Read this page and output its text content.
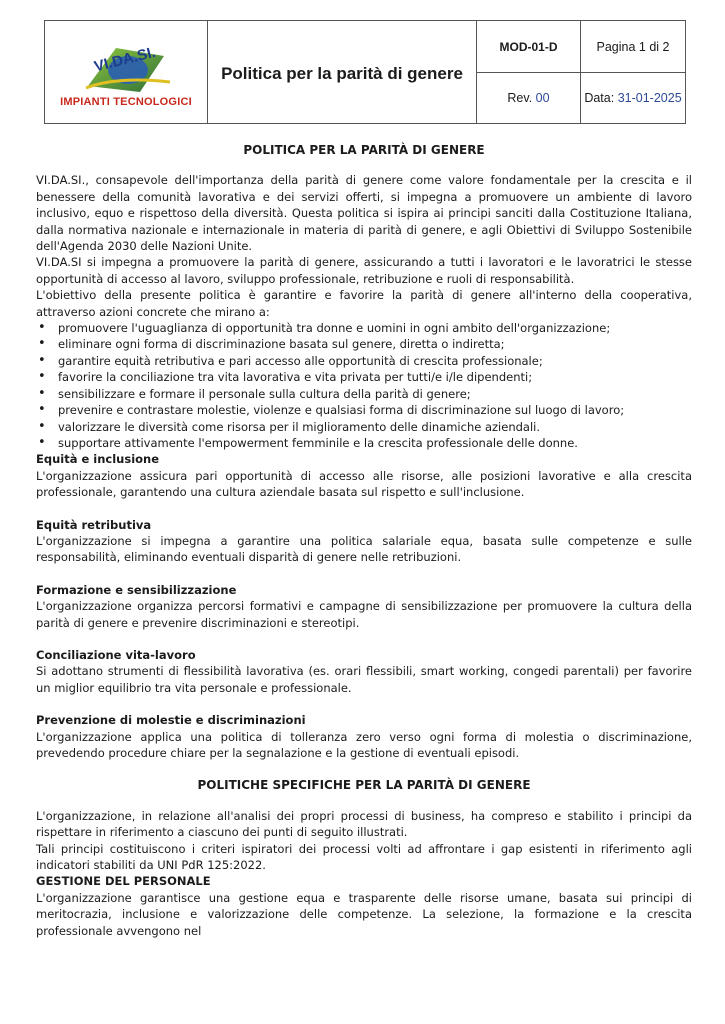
VI.DA.SI.
IMPIANTI TECNOLOGICI
Politica per la parità di genere
MOD-01-D	Pagina 1 di 2
Rev.
00	Data:
31-01-2025
POLITICA PER LA PARITÀ DI GENERE

VI.DA.SI., consapevole dell'importanza della parità di genere come valore fondamentale per la crescita e il benessere della comunità lavorativa e dei servizi offerti, si impegna a promuovere un ambiente di lavoro inclusivo, equo e rispettoso della diversità. Questa politica si ispira ai principi sanciti dalla Costituzione Italiana, dalla normativa nazionale e internazionale in materia di parità di genere, e agli Obiettivi di Sviluppo Sostenibile dell'Agenda 2030 delle Nazioni Unite.

VI.DA.SI si impegna a promuovere la parità di genere, assicurando a tutti i lavoratori e le lavoratrici le stesse opportunità di accesso al lavoro, sviluppo professionale, retribuzione e ruoli di responsabilità.

L'obiettivo della presente politica è garantire e favorire la parità di genere all'interno della cooperativa, attraverso azioni concrete che mirano a:

• promuovere l'uguaglianza di opportunità tra donne e uomini in ogni ambito dell'organizzazione;
• eliminare ogni forma di discriminazione basata sul genere, diretta o indiretta;
• garantire equità retributiva e pari accesso alle opportunità di crescita professionale;
• favorire la conciliazione tra vita lavorativa e vita privata per tutti/e i/le dipendenti;
• sensibilizzare e formare il personale sulla cultura della parità di genere;
• prevenire e contrastare molestie, violenze e qualsiasi forma di discriminazione sul luogo di lavoro;
• valorizzare le diversità come risorsa per il miglioramento delle dinamiche aziendali.
• supportare attivamente l'empowerment femminile e la crescita professionale delle donne.
Equità e inclusione

L'organizzazione assicura pari opportunità di accesso alle risorse, alle posizioni lavorative e alla crescita professionale, garantendo una cultura aziendale basata sul rispetto e sull'inclusione.

Equità retributiva

L'organizzazione si impegna a garantire una politica salariale equa, basata sulle competenze e sulle responsabilità, eliminando eventuali disparità di genere nelle retribuzioni.

Formazione e sensibilizzazione

L'organizzazione organizza percorsi formativi e campagne di sensibilizzazione per promuovere la cultura della parità di genere e prevenire discriminazioni e stereotipi.

Conciliazione vita-lavoro

Si adottano strumenti di flessibilità lavorativa (es. orari flessibili, smart working, congedi parentali) per favorire un miglior equilibrio tra vita personale e professionale.

Prevenzione di molestie e discriminazioni

L'organizzazione applica una politica di tolleranza zero verso ogni forma di molestia o discriminazione, prevedendo procedure chiare per la segnalazione e la gestione di eventuali episodi.

POLITICHE SPECIFICHE PER LA PARITÀ DI GENERE

L'organizzazione, in relazione all'analisi dei propri processi di business, ha compreso e stabilito i principi da rispettare in riferimento a ciascuno dei punti di seguito illustrati.

Tali principi costituiscono i criteri ispiratori dei processi volti ad affrontare i gap esistenti in riferimento agli indicatori stabiliti da UNI PdR 125:2022.

GESTIONE DEL PERSONALE

L'organizzazione garantisce una gestione equa e trasparente delle risorse umane, basata sui principi di meritocrazia, inclusione e valorizzazione delle competenze. La selezione, la formazione e la crescita professionale avvengono nel
